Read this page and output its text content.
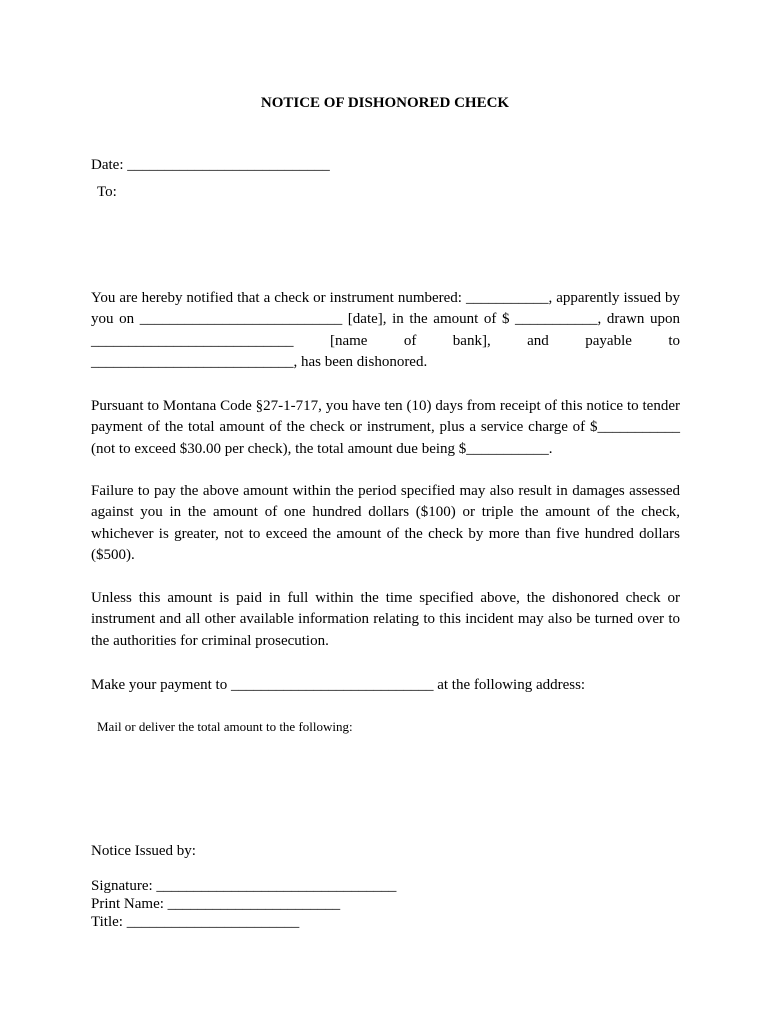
NOTICE OF DISHONORED CHECK
Date: ___________________________
To:
You are hereby notified that a check or instrument numbered: ___________, apparently issued by you on ___________________________ [date], in the amount of $ ___________, drawn upon ___________________________ [name of bank], and payable to ___________________________, has been dishonored.
Pursuant to Montana Code §27-1-717, you have ten (10) days from receipt of this notice to tender payment of the total amount of the check or instrument, plus a service charge of $___________ (not to exceed $30.00 per check), the total amount due being $___________.
Failure to pay the above amount within the period specified may also result in damages assessed against you in the amount of one hundred dollars ($100) or triple the amount of the check, whichever is greater, not to exceed the amount of the check by more than five hundred dollars ($500).
Unless this amount is paid in full within the time specified above, the dishonored check or instrument and all other available information relating to this incident may also be turned over to the authorities for criminal prosecution.
Make your payment to ___________________________ at the following address:
Mail or deliver the total amount to the following:
Notice Issued by:
Signature: ________________________________
Print Name: _______________________
Title: _______________________
